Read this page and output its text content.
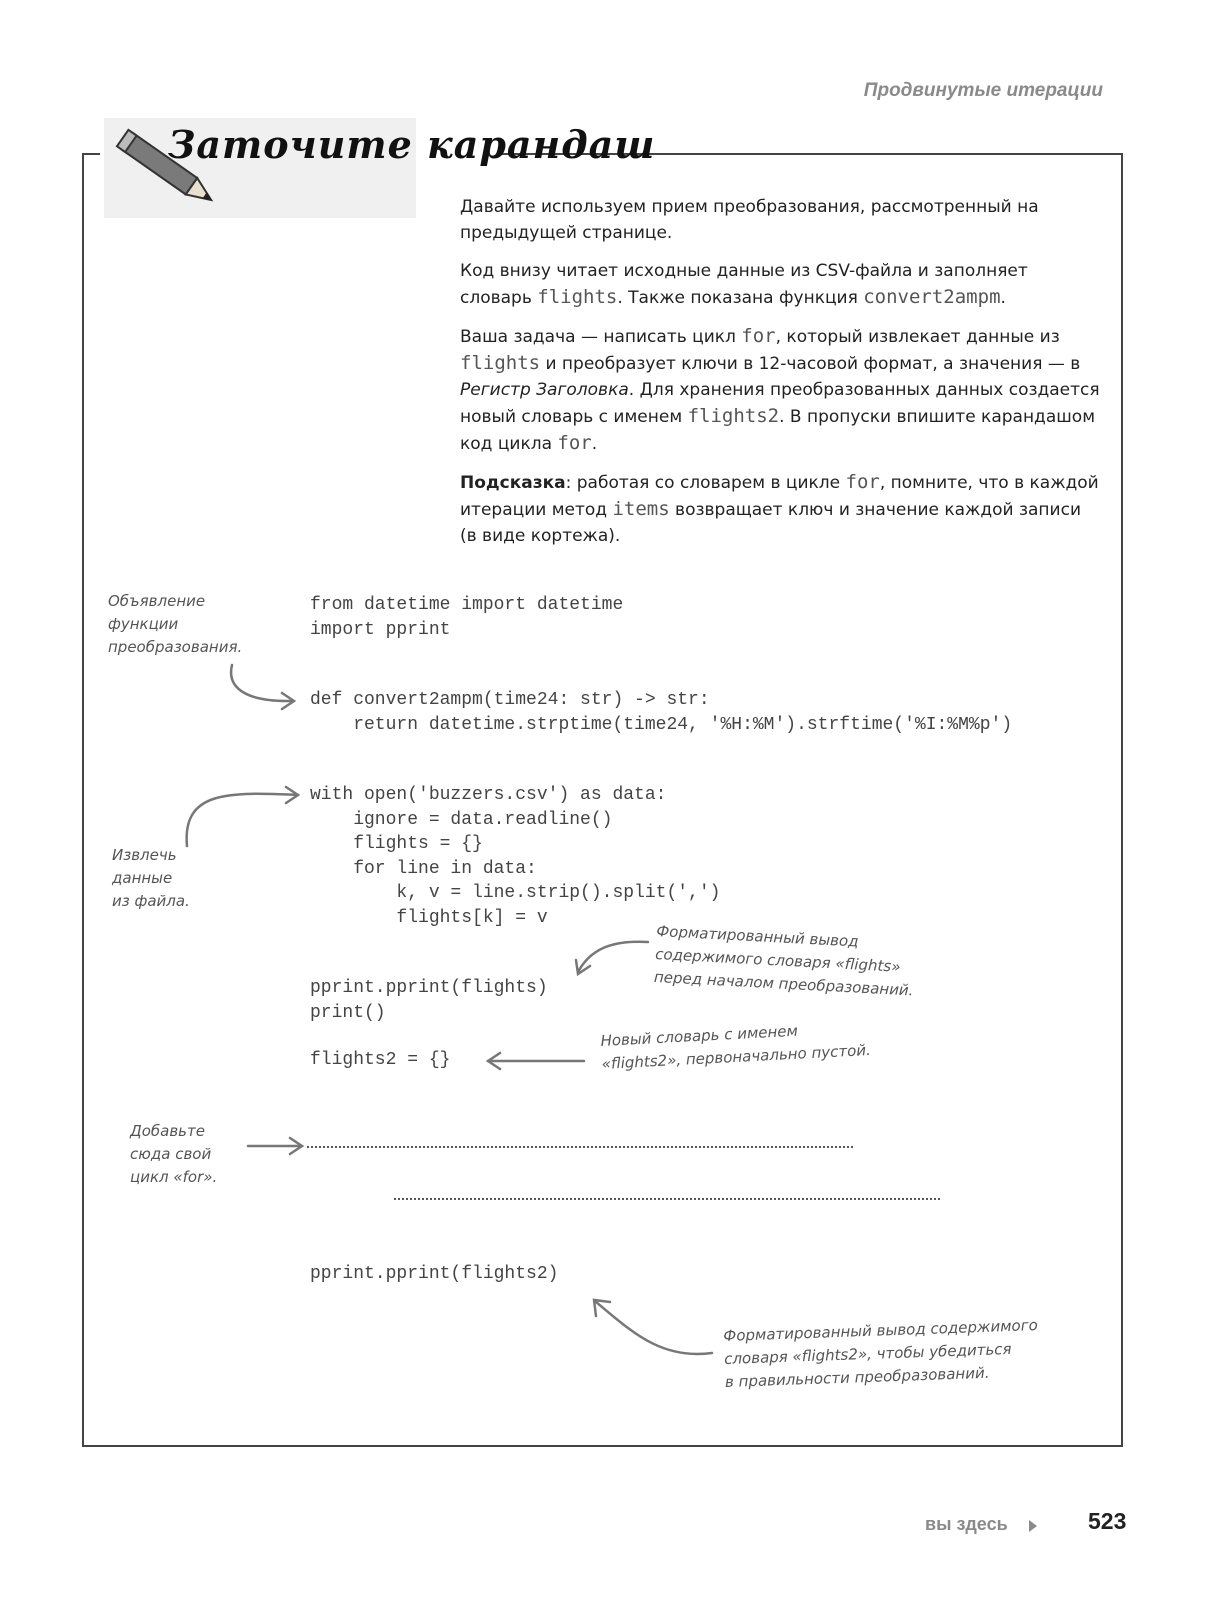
Продвинутые итерации
Заточите карандаш

Давайте используем прием преобразования, рассмотренный на предыдущей странице.

Код внизу читает исходные данные из CSV-файла и заполняет словарь flights. Также показана функция convert2ampm.

Ваша задача — написать цикл for, который извлекает данные из flights и преобразует ключи в 12-часовой формат, а значения — в Регистр Заголовка. Для хранения преобразованных данных создается новый словарь с именем flights2. В пропуски впишите карандашом код цикла for.

Подсказка: работая со словарем в цикле for, помните, что в каждой итерации метод items возвращает ключ и значение каждой записи (в виде кортежа).

from datetime import datetime
import pprint
def convert2ampm(time24: str) -> str:
return datetime.strptime(time24, '%H:%M').strftime('%I:%M%p')
with open('buzzers.csv') as data:
ignore = data.readline()
flights = {}
for line in data:
k, v = line.strip().split(',')
flights[k] = v
pprint.pprint(flights)
print()
flights2 = {}
pprint.pprint(flights2)
Объявление
функции
преобразования.
Извлечь
данные
из файла.
Форматированный вывод
содержимого словаря «flights»
перед началом преобразований.
Новый словарь с именем
«flights2», первоначально пустой.
Добавьте
сюда свой
цикл «for».
Форматированный вывод содержимого
словаря «flights2», чтобы убедиться
в правильности преобразований.
вы здесь	523
